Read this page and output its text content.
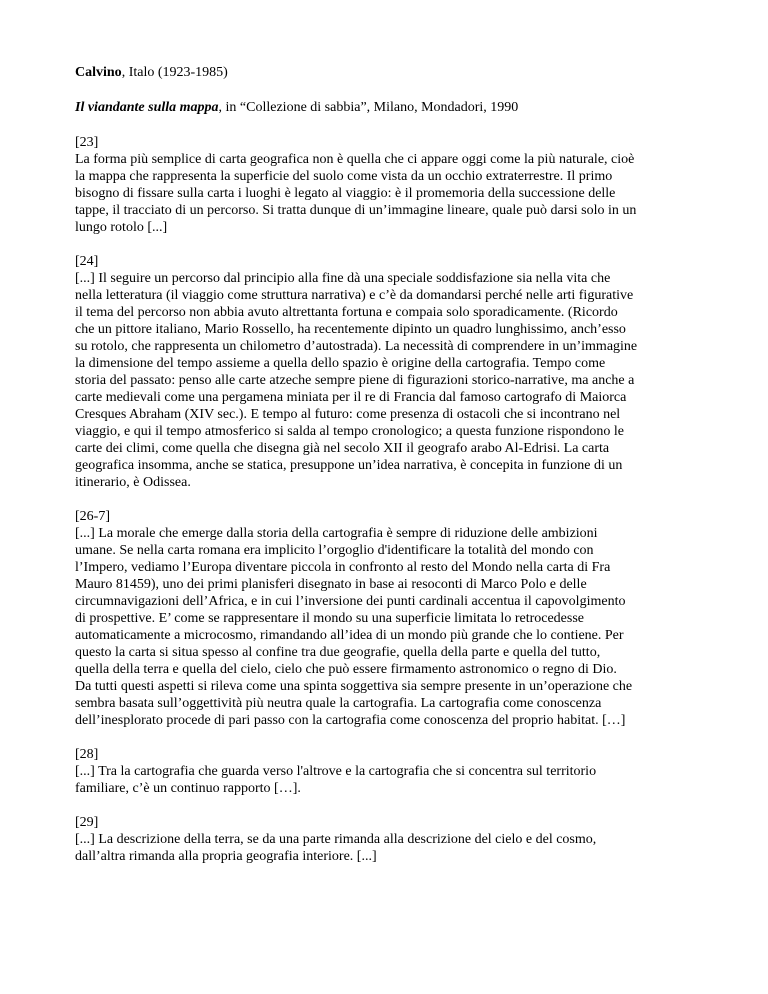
Calvino, Italo (1923-1985)

Il viandante sulla mappa, in “Collezione di sabbia”, Milano, Mondadori, 1990

[23]

La forma più semplice di carta geografica non è quella che ci appare oggi come la più naturale, cioè

la mappa che rappresenta la superficie del suolo come vista da un occhio extraterrestre. Il primo

bisogno di fissare sulla carta i luoghi è legato al viaggio: è il promemoria della successione delle

tappe, il tracciato di un percorso. Si tratta dunque di un’immagine lineare, quale può darsi solo in un

lungo rotolo [...]

[24]

[...] Il seguire un percorso dal principio alla fine dà una speciale soddisfazione sia nella vita che

nella letteratura (il viaggio come struttura narrativa) e c’è da domandarsi perché nelle arti figurative

il tema del percorso non abbia avuto altrettanta fortuna e compaia solo sporadicamente. (Ricordo

che un pittore italiano, Mario Rossello, ha recentemente dipinto un quadro lunghissimo, anch’esso

su rotolo, che rappresenta un chilometro d’autostrada). La necessità di comprendere in un’immagine

la dimensione del tempo assieme a quella dello spazio è origine della cartografia. Tempo come

storia del passato: penso alle carte atzeche sempre piene di figurazioni storico-narrative, ma anche a

carte medievali come una pergamena miniata per il re di Francia dal famoso cartografo di Maiorca

Cresques Abraham (XIV sec.). E tempo al futuro: come presenza di ostacoli che si incontrano nel

viaggio, e qui il tempo atmosferico si salda al tempo cronologico; a questa funzione rispondono le

carte dei climi, come quella che disegna già nel secolo XII il geografo arabo Al-Edrisi. La carta

geografica insomma, anche se statica, presuppone un’idea narrativa, è concepita in funzione di un

itinerario, è Odissea.

[26-7]

[...] La morale che emerge dalla storia della cartografia è sempre di riduzione delle ambizioni

umane. Se nella carta romana era implicito l’orgoglio d'identificare la totalità del mondo con

l’Impero, vediamo l’Europa diventare piccola in confronto al resto del Mondo nella carta di Fra

Mauro 81459), uno dei primi planisferi disegnato in base ai resoconti di Marco Polo e delle

circumnavigazioni dell’Africa, e in cui l’inversione dei punti cardinali accentua il capovolgimento

di prospettive. E’ come se rappresentare il mondo su una superficie limitata lo retrocedesse

automaticamente a microcosmo, rimandando all’idea di un mondo più grande che lo contiene. Per

questo la carta si situa spesso al confine tra due geografie, quella della parte e quella del tutto,

quella della terra e quella del cielo, cielo che può essere firmamento astronomico o regno di Dio.

Da tutti questi aspetti si rileva come una spinta soggettiva sia sempre presente in un’operazione che

sembra basata sull’oggettività più neutra quale la cartografia. La cartografia come conoscenza

dell’inesplorato procede di pari passo con la cartografia come conoscenza del proprio habitat. […]

[28]

[...] Tra la cartografia che guarda verso l'altrove e la cartografia che si concentra sul territorio

familiare, c’è un continuo rapporto […].

[29]

[...] La descrizione della terra, se da una parte rimanda alla descrizione del cielo e del cosmo,

dall’altra rimanda alla propria geografia interiore. [...]
